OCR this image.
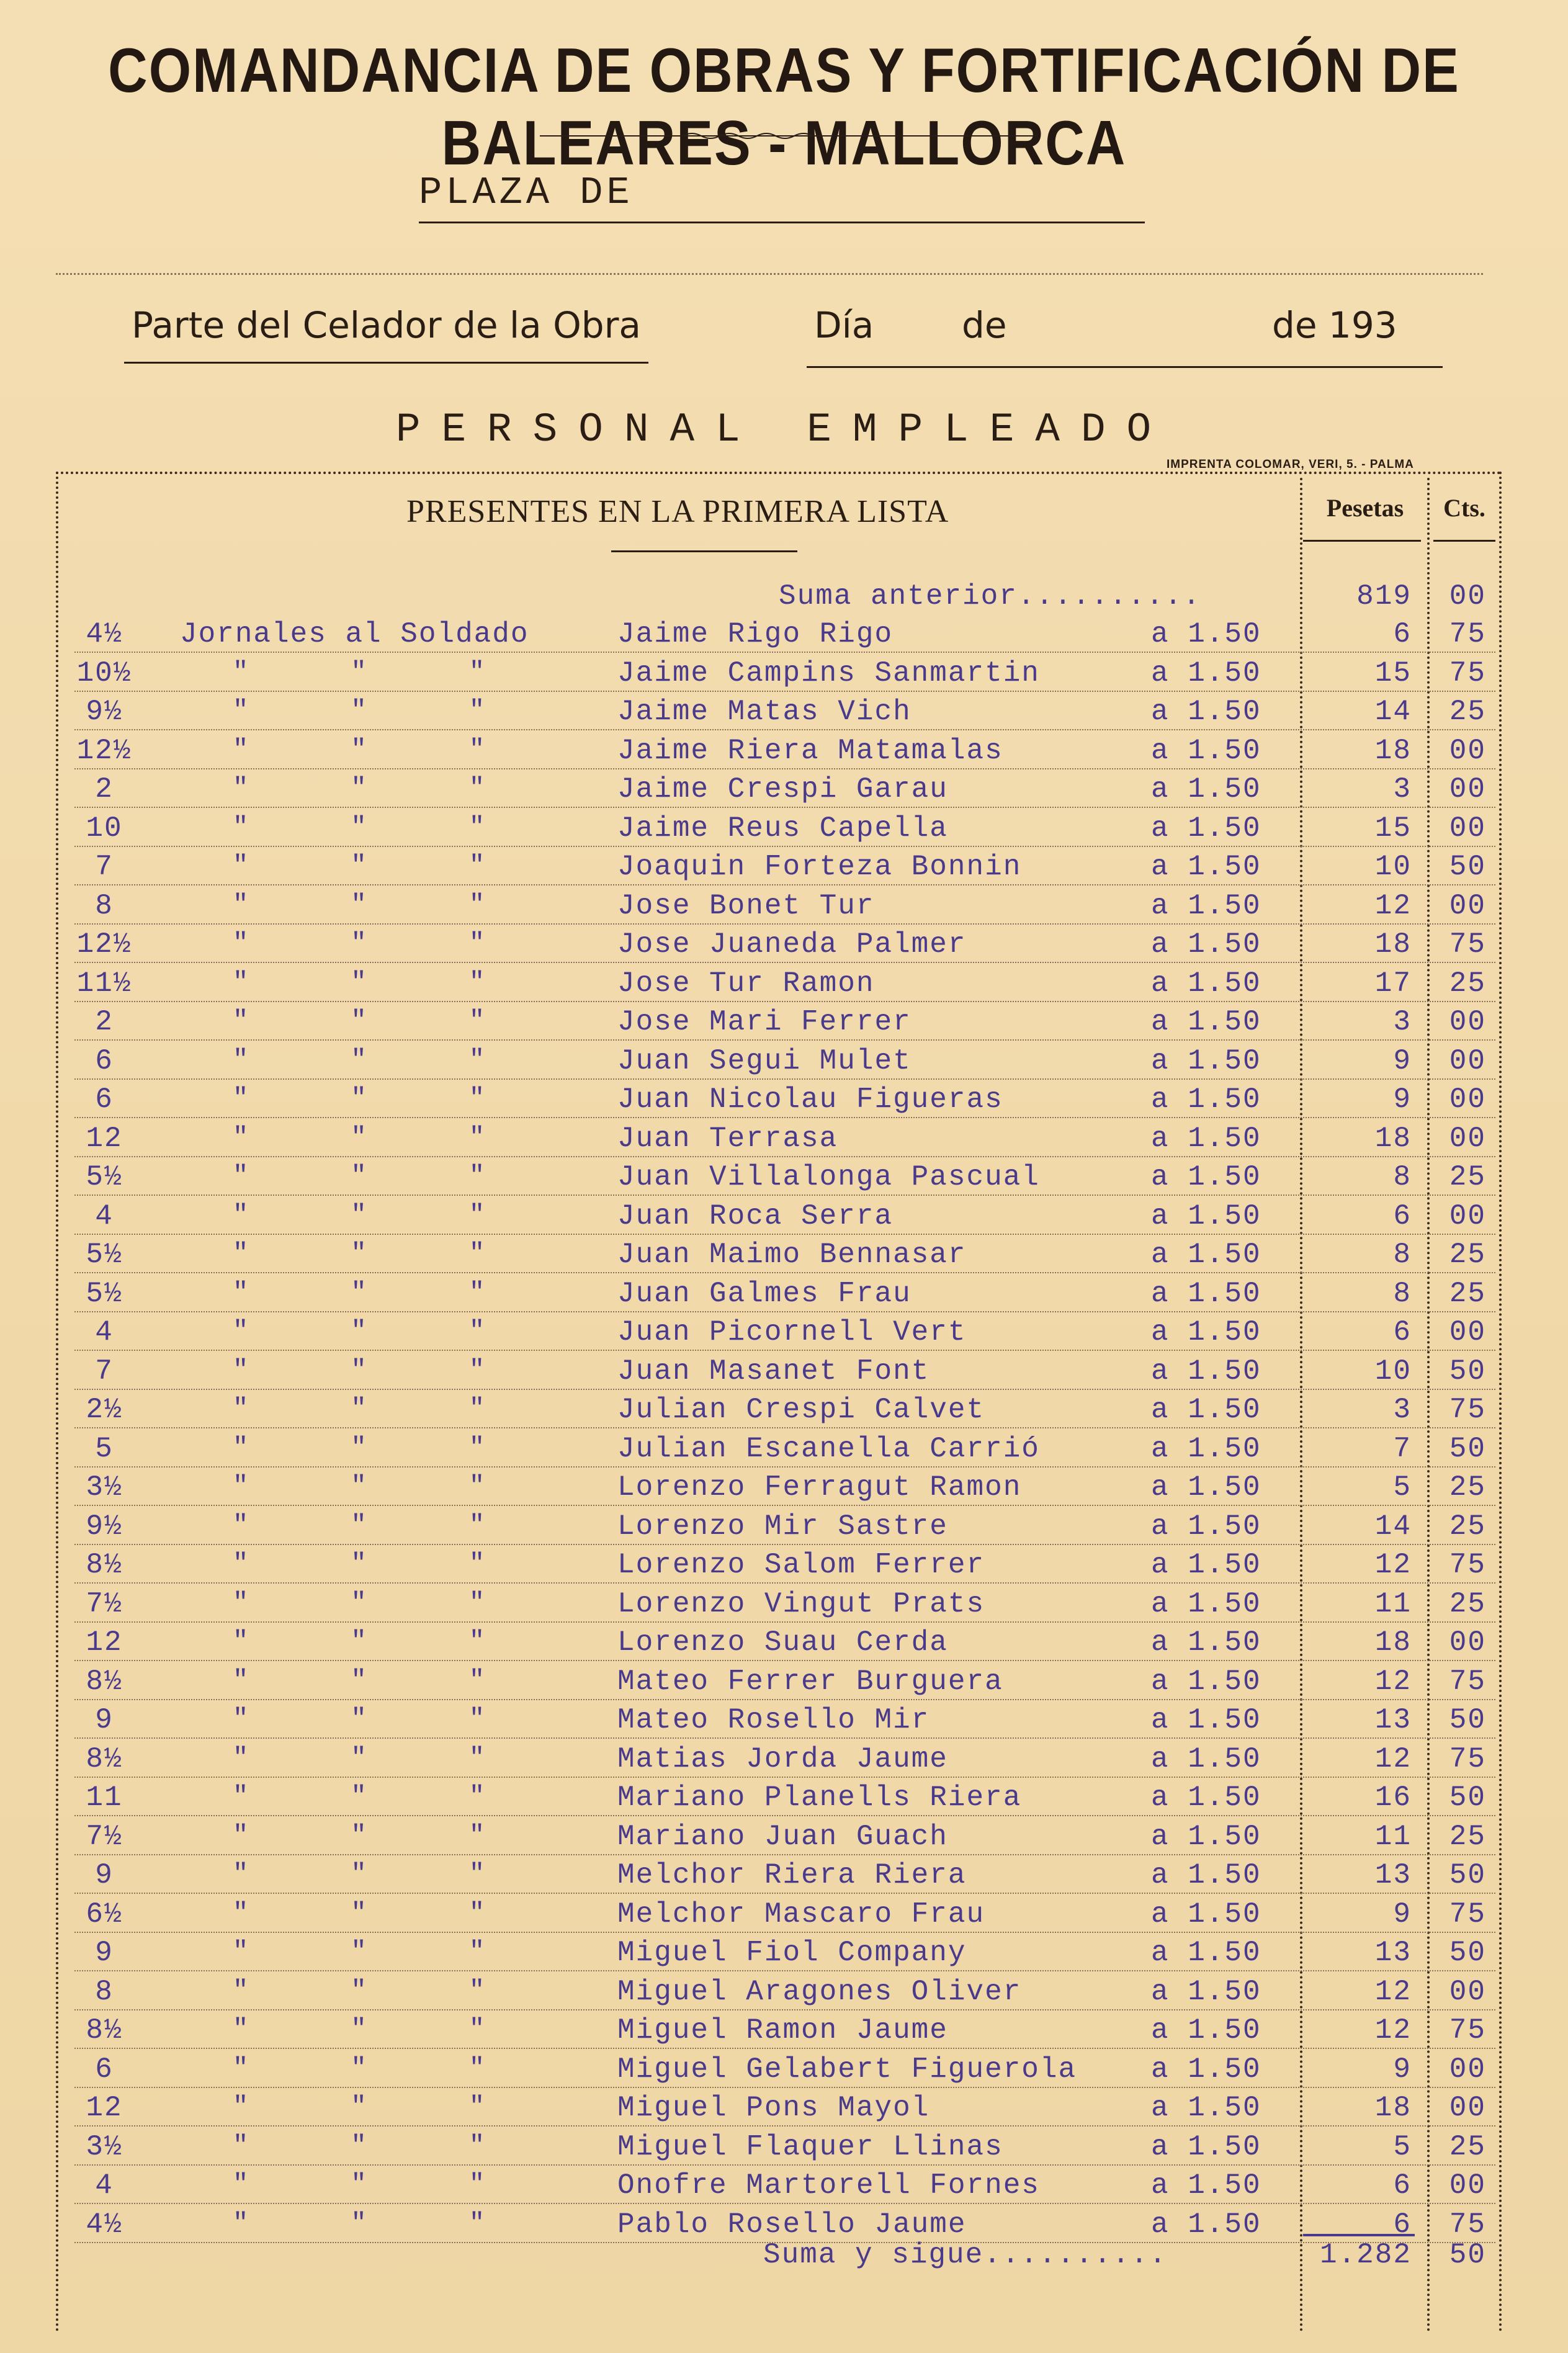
COMANDANCIA DE OBRAS Y FORTIFICACIÓN DE BALEARES - MALLORCA
PLAZA DE
Parte del Celador de la Obra	Día de	de 193
PERSONAL EMPLEADO
IMPRENTA COLOMAR, VERI, 5. - PALMA
PRESENTES EN LA PRIMERA LISTA	Pesetas	Cts.
Suma anterior..........	819	00
4½	Jornales al Soldado	Jaime Rigo Rigo	a 1.50	6	75
10½	"      "      "	Jaime Campins Sanmartin	a 1.50	15	75
9½	"      "      "	Jaime Matas Vich	a 1.50	14	25
12½	"      "      "	Jaime Riera Matamalas	a 1.50	18	00
2	"      "      "	Jaime Crespi Garau	a 1.50	3	00
10	"      "      "	Jaime Reus Capella	a 1.50	15	00
7	"      "      "	Joaquin Forteza Bonnin	a 1.50	10	50
8	"      "      "	Jose Bonet Tur	a 1.50	12	00
12½	"      "      "	Jose Juaneda Palmer	a 1.50	18	75
11½	"      "      "	Jose Tur Ramon	a 1.50	17	25
2	"      "      "	Jose Mari Ferrer	a 1.50	3	00
6	"      "      "	Juan Segui Mulet	a 1.50	9	00
6	"      "      "	Juan Nicolau Figueras	a 1.50	9	00
12	"      "      "	Juan Terrasa	a 1.50	18	00
5½	"      "      "	Juan Villalonga Pascual	a 1.50	8	25
4	"      "      "	Juan Roca Serra	a 1.50	6	00
5½	"      "      "	Juan Maimo Bennasar	a 1.50	8	25
5½	"      "      "	Juan Galmes Frau	a 1.50	8	25
4	"      "      "	Juan Picornell Vert	a 1.50	6	00
7	"      "      "	Juan Masanet Font	a 1.50	10	50
2½	"      "      "	Julian Crespi Calvet	a 1.50	3	75
5	"      "      "	Julian Escanella Carrió	a 1.50	7	50
3½	"      "      "	Lorenzo Ferragut Ramon	a 1.50	5	25
9½	"      "      "	Lorenzo Mir Sastre	a 1.50	14	25
8½	"      "      "	Lorenzo Salom Ferrer	a 1.50	12	75
7½	"      "      "	Lorenzo Vingut Prats	a 1.50	11	25
12	"      "      "	Lorenzo Suau Cerda	a 1.50	18	00
8½	"      "      "	Mateo Ferrer Burguera	a 1.50	12	75
9	"      "      "	Mateo Rosello Mir	a 1.50	13	50
8½	"      "      "	Matias Jorda Jaume	a 1.50	12	75
11	"      "      "	Mariano Planells Riera	a 1.50	16	50
7½	"      "      "	Mariano Juan Guach	a 1.50	11	25
9	"      "      "	Melchor Riera Riera	a 1.50	13	50
6½	"      "      "	Melchor Mascaro Frau	a 1.50	9	75
9	"      "      "	Miguel Fiol Company	a 1.50	13	50
8	"      "      "	Miguel Aragones Oliver	a 1.50	12	00
8½	"      "      "	Miguel Ramon Jaume	a 1.50	12	75
6	"      "      "	Miguel Gelabert Figuerola	a 1.50	9	00
12	"      "      "	Miguel Pons Mayol	a 1.50	18	00
3½	"      "      "	Miguel Flaquer Llinas	a 1.50	5	25
4	"      "      "	Onofre Martorell Fornes	a 1.50	6	00
4½	"      "      "	Pablo Rosello Jaume	a 1.50	6	75
Suma y sigue..........	1.282	50
